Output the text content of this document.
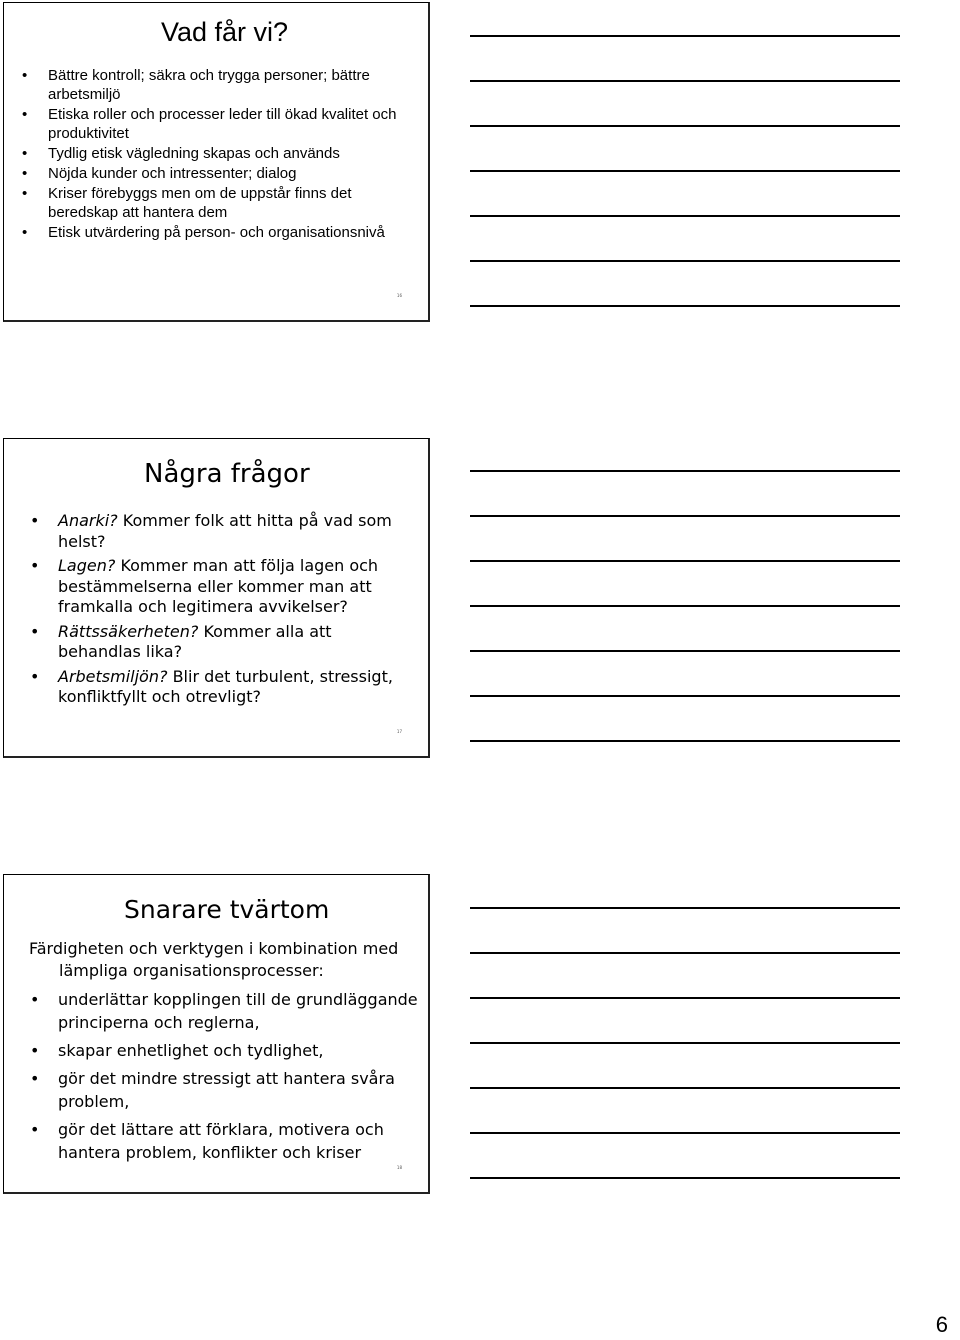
Vad får vi?
• Bättre kontroll; säkra och trygga personer; bättre arbetsmiljö
• Etiska roller och processer leder till ökad kvalitet och produktivitet
• Tydlig etisk vägledning skapas och används
• Nöjda kunder och intressenter; dialog
• Kriser förebyggs men om de uppstår finns det beredskap att hantera dem
• Etisk utvärdering på person- och organisationsnivå
16
Några frågor
• Anarki? Kommer folk att hitta på vad som helst?
• Lagen? Kommer man att följa lagen och bestämmelserna eller kommer man att framkalla och legitimera avvikelser?
• Rättssäkerheten? Kommer alla att behandlas lika?
• Arbetsmiljön? Blir det turbulent, stressigt, konfliktfyllt och otrevligt?
17
Snarare tvärtom
Färdigheten och verktygen i kombination med lämpliga organisationsprocesser:
• underlättar kopplingen till de grundläggande principerna och reglerna,
• skapar enhetlighet och tydlighet,
• gör det mindre stressigt att hantera svåra problem,
• gör det lättare att förklara, motivera och hantera problem, konflikter och kriser
18
6
